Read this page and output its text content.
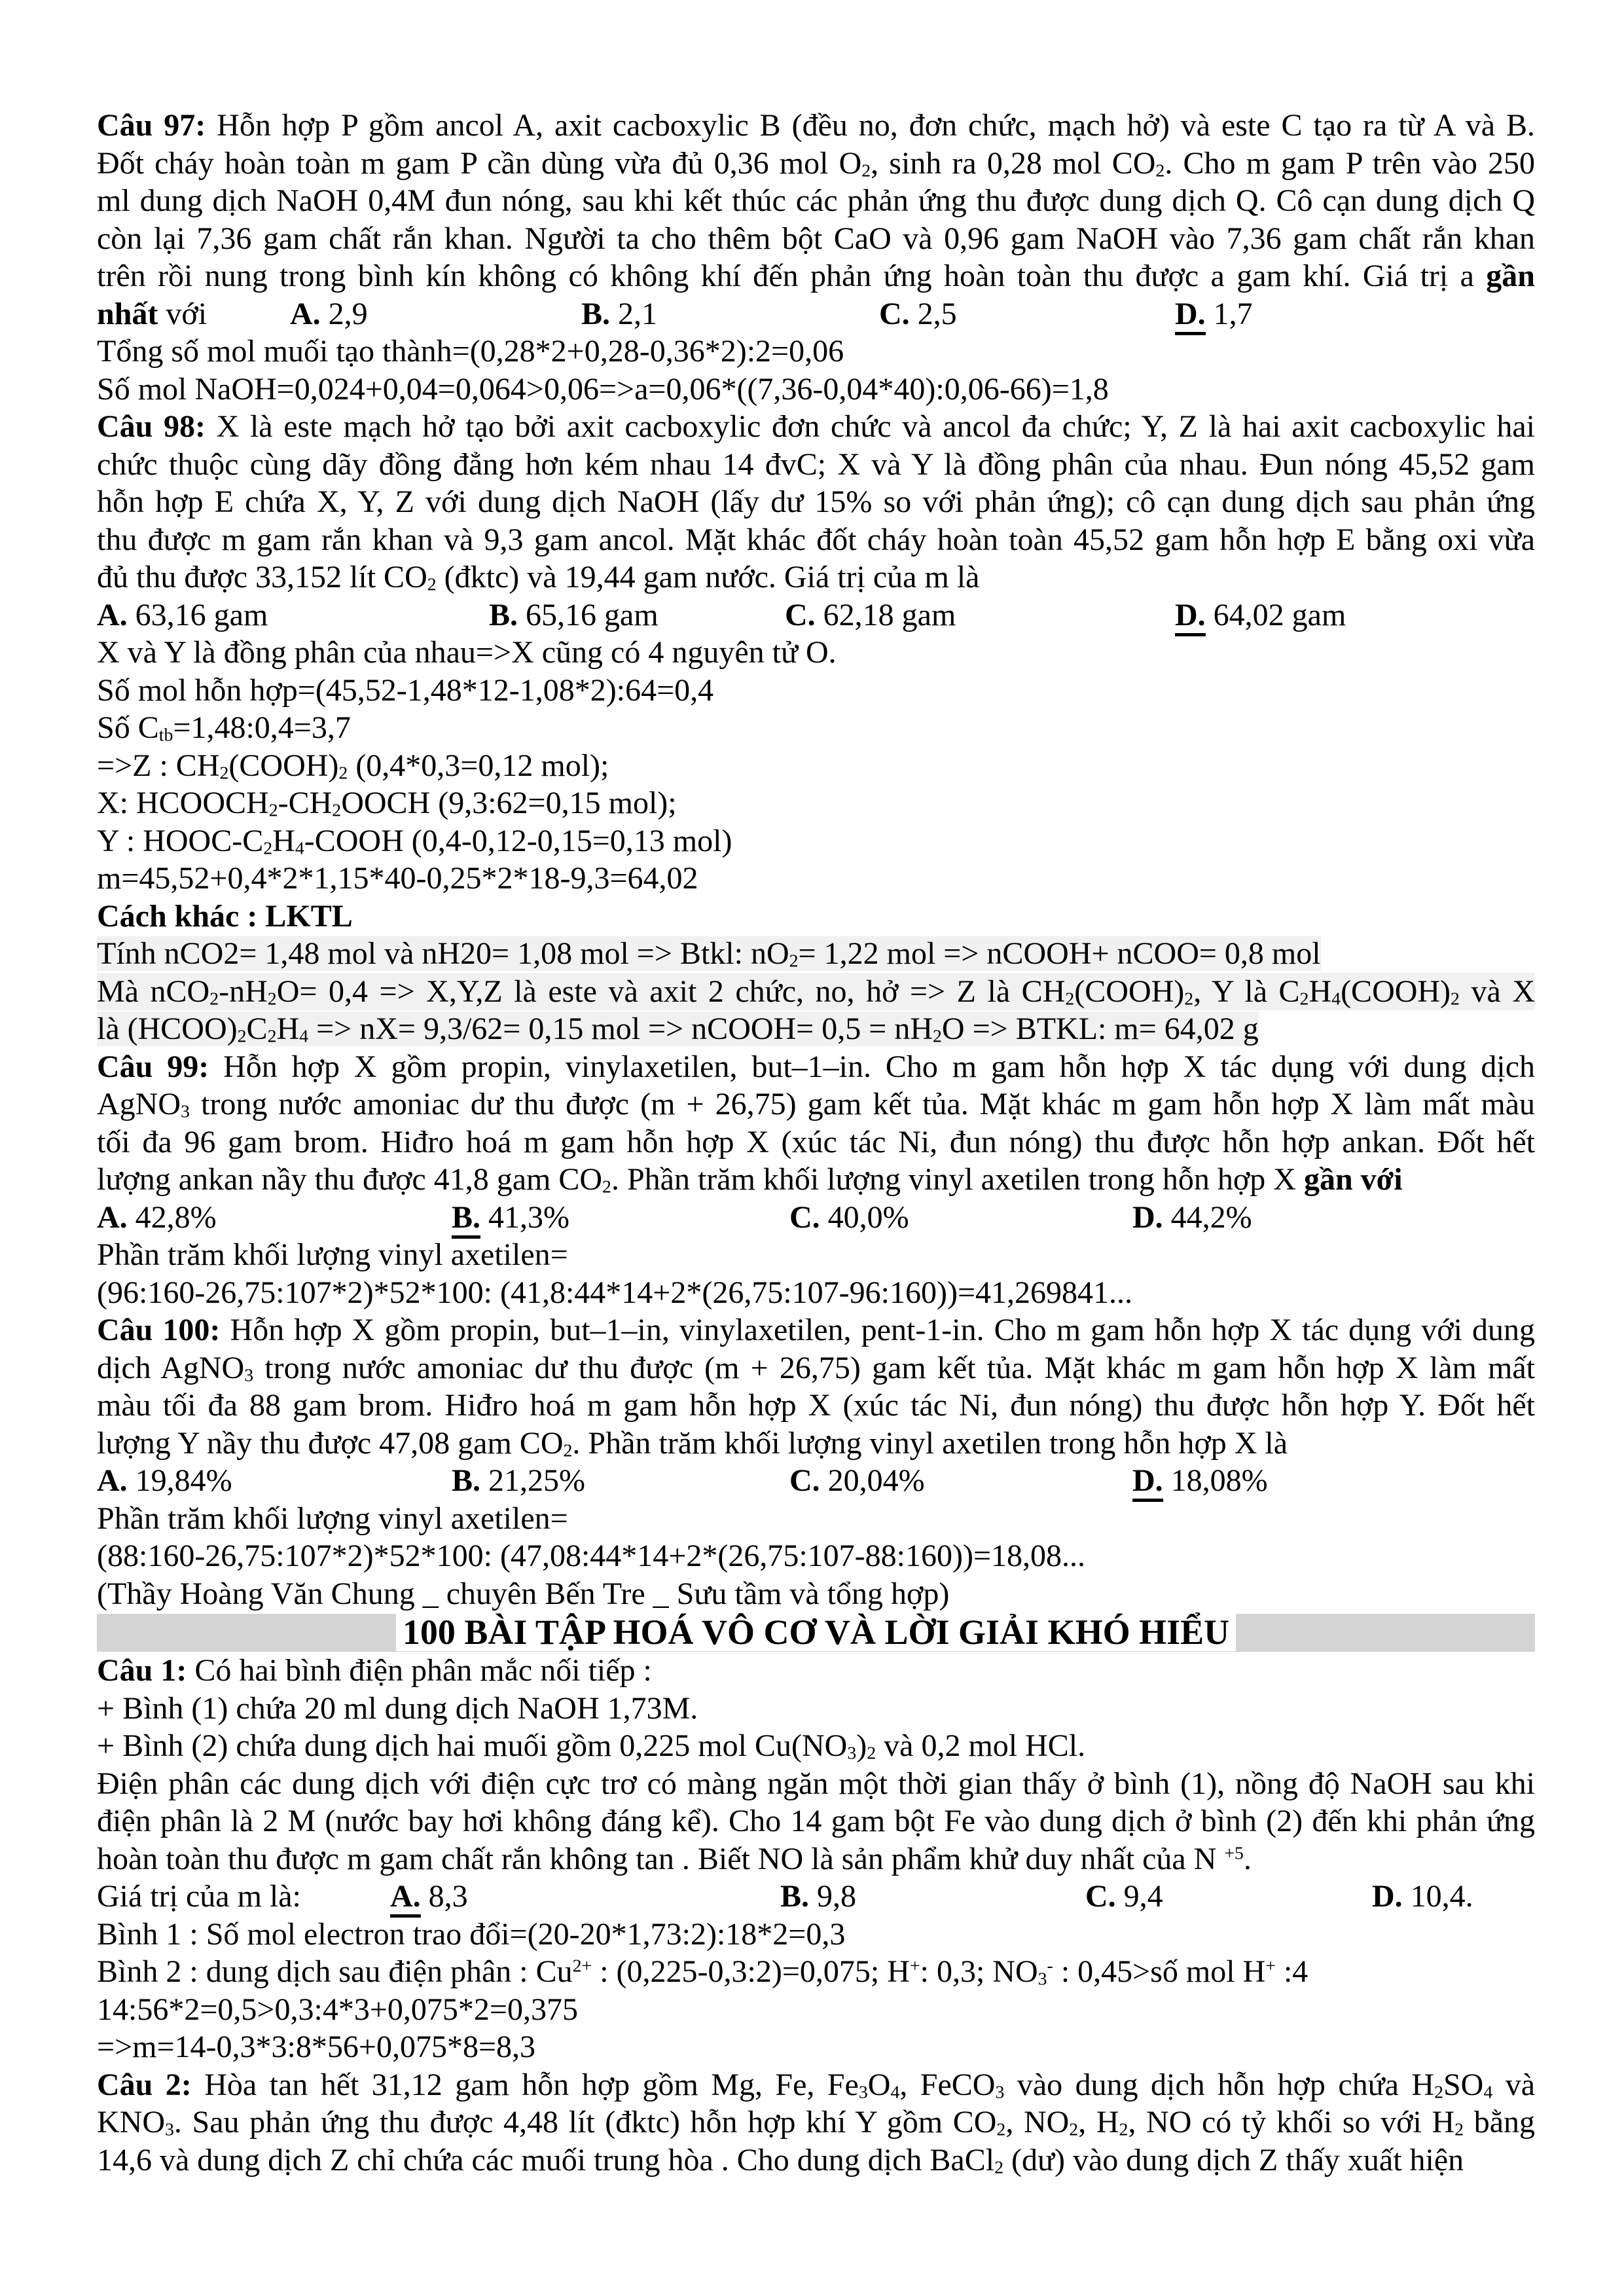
Câu 97: Hỗn hợp P gồm ancol A, axit cacboxylic B (đều no, đơn chức, mạch hở) và este C tạo ra từ A và B.
Đốt cháy hoàn toàn m gam P cần dùng vừa đủ 0,36 mol O2, sinh ra 0,28 mol CO2. Cho m gam P trên vào 250
ml dung dịch NaOH 0,4M đun nóng, sau khi kết thúc các phản ứng thu được dung dịch Q. Cô cạn dung dịch Q
còn lại 7,36 gam chất rắn khan. Người ta cho thêm bột CaO và 0,96 gam NaOH vào 7,36 gam chất rắn khan
trên rồi nung trong bình kín không có không khí đến phản ứng hoàn toàn thu được a gam khí. Giá trị a gần
nhất với	A. 2,9	B. 2,1	C. 2,5	D. 1,7
Tổng số mol muối tạo thành=(0,28*2+0,28-0,36*2):2=0,06
Số mol NaOH=0,024+0,04=0,064>0,06=>a=0,06*((7,36-0,04*40):0,06-66)=1,8
Câu 98: X là este mạch hở tạo bởi axit cacboxylic đơn chức và ancol đa chức; Y, Z là hai axit cacboxylic hai
chức thuộc cùng dãy đồng đẳng hơn kém nhau 14 đvC; X và Y là đồng phân của nhau. Đun nóng 45,52 gam
hỗn hợp E chứa X, Y, Z với dung dịch NaOH (lấy dư 15% so với phản ứng); cô cạn dung dịch sau phản ứng
thu được m gam rắn khan và 9,3 gam ancol. Mặt khác đốt cháy hoàn toàn 45,52 gam hỗn hợp E bằng oxi vừa
đủ thu được 33,152 lít CO2 (đktc) và 19,44 gam nước. Giá trị của m là
A. 63,16 gam	B. 65,16 gam	C. 62,18 gam	D. 64,02 gam
X và Y là đồng phân của nhau=>X cũng có 4 nguyên tử O.
Số mol hỗn hợp=(45,52-1,48*12-1,08*2):64=0,4
Số Ctb=1,48:0,4=3,7
=>Z : CH2(COOH)2 (0,4*0,3=0,12 mol);
X: HCOOCH2-CH2OOCH (9,3:62=0,15 mol);
Y : HOOC-C2H4-COOH (0,4-0,12-0,15=0,13 mol)
m=45,52+0,4*2*1,15*40-0,25*2*18-9,3=64,02
Cách khác : LKTL
Tính nCO2= 1,48 mol và nH20= 1,08 mol => Btkl: nO2= 1,22 mol => nCOOH+ nCOO= 0,8 mol
Mà nCO2-nH2O= 0,4 => X,Y,Z là este và axit 2 chức, no, hở => Z là CH2(COOH)2, Y là C2H4(COOH)2 và X
là (HCOO)2C2H4 => nX= 9,3/62= 0,15 mol => nCOOH= 0,5 = nH2O => BTKL: m= 64,02 g
Câu 99: Hỗn hợp X gồm propin, vinylaxetilen, but–1–in. Cho m gam hỗn hợp X tác dụng với dung dịch
AgNO3 trong nước amoniac dư thu được (m + 26,75) gam kết tủa. Mặt khác m gam hỗn hợp X làm mất màu
tối đa 96 gam brom. Hiđro hoá m gam hỗn hợp X (xúc tác Ni, đun nóng) thu được hỗn hợp ankan. Đốt hết
lượng ankan nầy thu được 41,8 gam CO2. Phần trăm khối lượng vinyl axetilen trong hỗn hợp X gần với
A. 42,8%	B. 41,3%	C. 40,0%	D. 44,2%
Phần trăm khối lượng vinyl axetilen=
(96:160-26,75:107*2)*52*100: (41,8:44*14+2*(26,75:107-96:160))=41,269841...
Câu 100: Hỗn hợp X gồm propin, but–1–in, vinylaxetilen, pent-1-in. Cho m gam hỗn hợp X tác dụng với dung
dịch AgNO3 trong nước amoniac dư thu được (m + 26,75) gam kết tủa. Mặt khác m gam hỗn hợp X làm mất
màu tối đa 88 gam brom. Hiđro hoá m gam hỗn hợp X (xúc tác Ni, đun nóng) thu được hỗn hợp Y. Đốt hết
lượng Y nầy thu được 47,08 gam CO2. Phần trăm khối lượng vinyl axetilen trong hỗn hợp X là
A. 19,84%	B. 21,25%	C. 20,04%	D. 18,08%
Phần trăm khối lượng vinyl axetilen=
(88:160-26,75:107*2)*52*100: (47,08:44*14+2*(26,75:107-88:160))=18,08...
(Thầy Hoàng Văn Chung _ chuyên Bến Tre _ Sưu tầm và tổng hợp)
100 BÀI TẬP HOÁ VÔ CƠ VÀ LỜI GIẢI KHÓ HIỂU
Câu 1: Có hai bình điện phân mắc nối tiếp :
+ Bình (1) chứa 20 ml dung dịch NaOH 1,73M.
+ Bình (2) chứa dung dịch hai muối gồm 0,225 mol Cu(NO3)2 và 0,2 mol HCl.
Điện phân các dung dịch với điện cực trơ có màng ngăn một thời gian thấy ở bình (1), nồng độ NaOH sau khi
điện phân là 2 M (nước bay hơi không đáng kể). Cho 14 gam bột Fe vào dung dịch ở bình (2) đến khi phản ứng
hoàn toàn thu được m gam chất rắn không tan . Biết NO là sản phẩm khử duy nhất của N $^{+5}$.
Giá trị của m là:	A. 8,3	B. 9,8	C. 9,4	D. 10,4.
Bình 1 : Số mol electron trao đổi=(20-20*1,73:2):18*2=0,3
Bình 2 : dung dịch sau điện phân : $Cu^{2+}$ : (0,225-0,3:2)=0,075; H+: 0,3; NO3- : 0,45>số mol H+ :4
14:56*2=0,5>0,3:4*3+0,075*2=0,375
=>m=14-0,3*3:8*56+0,075*8=8,3
Câu 2: Hòa tan hết 31,12 gam hỗn hợp gồm Mg, Fe, Fe3O4, FeCO3 vào dung dịch hỗn hợp chứa H2SO4 và
KNO3. Sau phản ứng thu được 4,48 lít (đktc) hỗn hợp khí Y gồm CO2, NO2, H2, NO có tỷ khối so với H2 bằng
14,6 và dung dịch Z chỉ chứa các muối trung hòa . Cho dung dịch BaCl2 (dư) vào dung dịch Z thấy xuất hiện
